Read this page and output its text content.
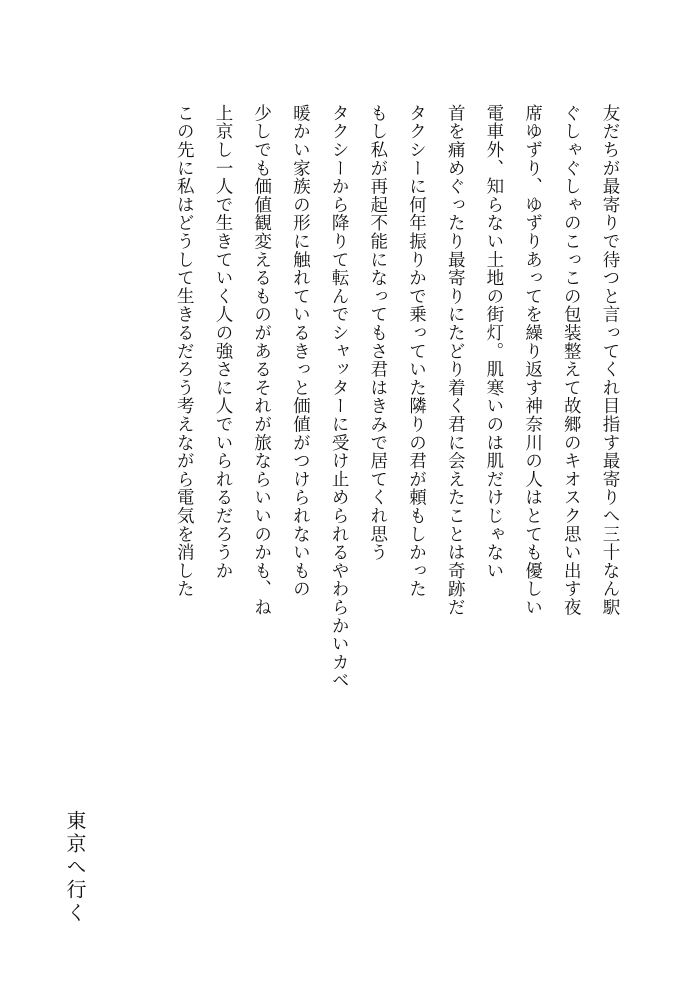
友だちが最寄りで待つと言ってくれ目指す最寄りへ三十なん駅
ぐしゃぐしゃのこっこの包装整えて故郷のキオスク思い出す夜
席ゆずり、ゆずりあってを繰り返す神奈川の人はとても優しい
電車外、知らない土地の街灯。肌寒いのは肌だけじゃない
首を痛めぐったり最寄りにたどり着く君に会えたことは奇跡だ
タクシーに何年振りかで乗っていた隣りの君が頼もしかった
もし私が再起不能になってもさ君はきみで居てくれ思う
タクシーから降りて転んでシャッターに受け止められるやわらかいカベ
暖かい家族の形に触れているきっと価値がつけられないもの
少しでも価値観変えるものがあるそれが旅ならいいのかも、ね
上京し一人で生きていく人の強さに人でいられるだろうか
この先に私はどうして生きるだろう考えながら電気を消した
東京へ行く
